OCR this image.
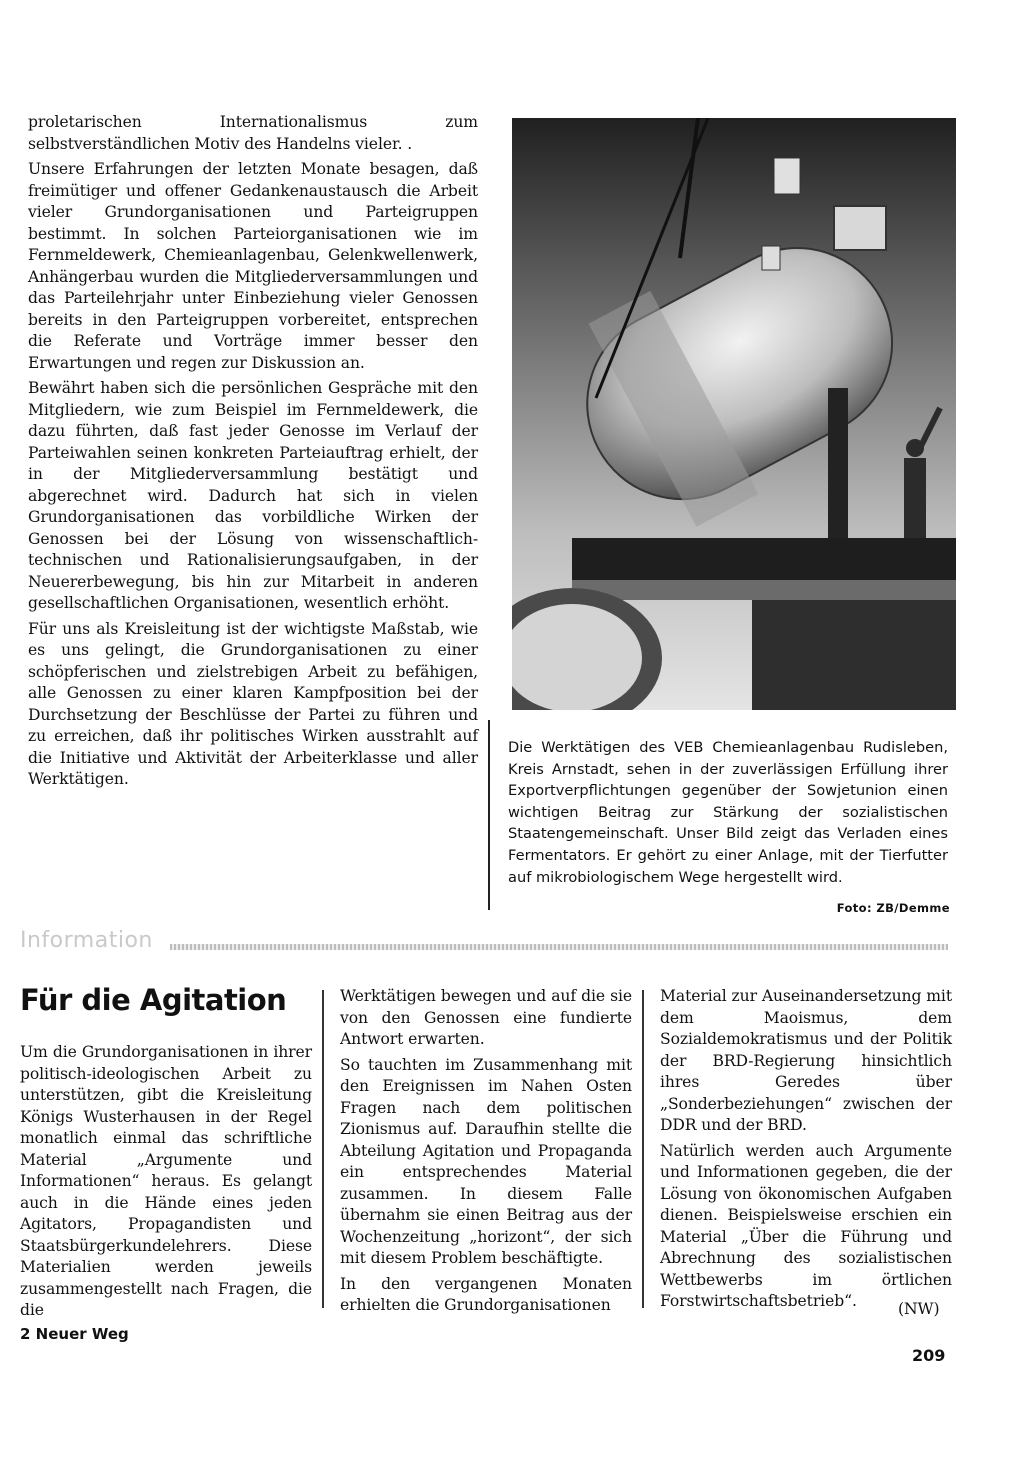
proletarischen Internationalismus zum selbstverständlichen Motiv des Handelns vieler. .

Unsere Erfahrungen der letzten Monate besagen, daß freimütiger und offener Gedankenaustausch die Arbeit vieler Grundorganisationen und Parteigruppen bestimmt. In solchen Parteiorganisationen wie im Fernmeldewerk, Chemieanlagenbau, Gelenkwellenwerk, Anhängerbau wurden die Mitgliederversammlungen und das Parteilehrjahr unter Einbeziehung vieler Genossen bereits in den Parteigruppen vorbereitet, entsprechen die Referate und Vorträge immer besser den Erwartungen und regen zur Diskussion an.

Bewährt haben sich die persönlichen Gespräche mit den Mitgliedern, wie zum Beispiel im Fernmeldewerk, die dazu führten, daß fast jeder Genosse im Verlauf der Parteiwahlen seinen konkreten Parteiauftrag erhielt, der in der Mitgliederversammlung bestätigt und abgerechnet wird. Dadurch hat sich in vielen Grundorganisationen das vorbildliche Wirken der Genossen bei der Lösung von wissenschaftlich-technischen und Rationalisierungsaufgaben, in der Neuererbewegung, bis hin zur Mitarbeit in anderen gesellschaftlichen Organisationen, wesentlich erhöht.

Für uns als Kreisleitung ist der wichtigste Maßstab, wie es uns gelingt, die Grundorganisationen zu einer schöpferischen und zielstrebigen Arbeit zu befähigen, alle Genossen zu einer klaren Kampfposition bei der Durchsetzung der Beschlüsse der Partei zu führen und zu erreichen, daß ihr politisches Wirken ausstrahlt auf die Initiative und Aktivität der Arbeiterklasse und aller Werktätigen.

Die Werktätigen des VEB Chemieanlagenbau Rudisleben, Kreis Arnstadt, sehen in der zuverlässigen Erfüllung ihrer Exportverpflichtungen gegenüber der Sowjetunion einen wichtigen Beitrag zur Stärkung der sozialistischen Staatengemeinschaft. Unser Bild zeigt das Verladen eines Fermentators. Er gehört zu einer Anlage, mit der Tierfutter auf mikrobiologischem Wege hergestellt wird.
Foto: ZB/Demme
Information
Für die Agitation

Um die Grundorganisationen in ihrer politisch-ideologischen Arbeit zu unterstützen, gibt die Kreisleitung Königs Wusterhausen in der Regel monatlich einmal das schriftliche Material „Argumente und Informationen“ heraus. Es gelangt auch in die Hände eines jeden Agitators, Propagandisten und Staatsbürgerkundelehrers. Diese Materialien werden jeweils zusammengestellt nach Fragen, die die

Werktätigen bewegen und auf die sie von den Genossen eine fundierte Antwort erwarten.

So tauchten im Zusammenhang mit den Ereignissen im Nahen Osten Fragen nach dem politischen Zionismus auf. Daraufhin stellte die Abteilung Agitation und Propaganda ein entsprechendes Material zusammen. In diesem Falle übernahm sie einen Beitrag aus der Wochenzeitung „horizont“, der sich mit diesem Problem beschäftigte.

In den vergangenen Monaten erhielten die Grundorganisationen

Material zur Auseinandersetzung mit dem Maoismus, dem Sozialdemokratismus und der Politik der BRD-Regierung hinsichtlich ihres Geredes über „Sonderbeziehungen“ zwischen der DDR und der BRD.

Natürlich werden auch Argumente und Informationen gegeben, die der Lösung von ökonomischen Aufgaben dienen. Beispielsweise erschien ein Material „Über die Führung und Abrechnung des sozialistischen Wettbewerbs im örtlichen Forstwirtschaftsbetrieb“.	(NW)
2 Neuer Weg
209
